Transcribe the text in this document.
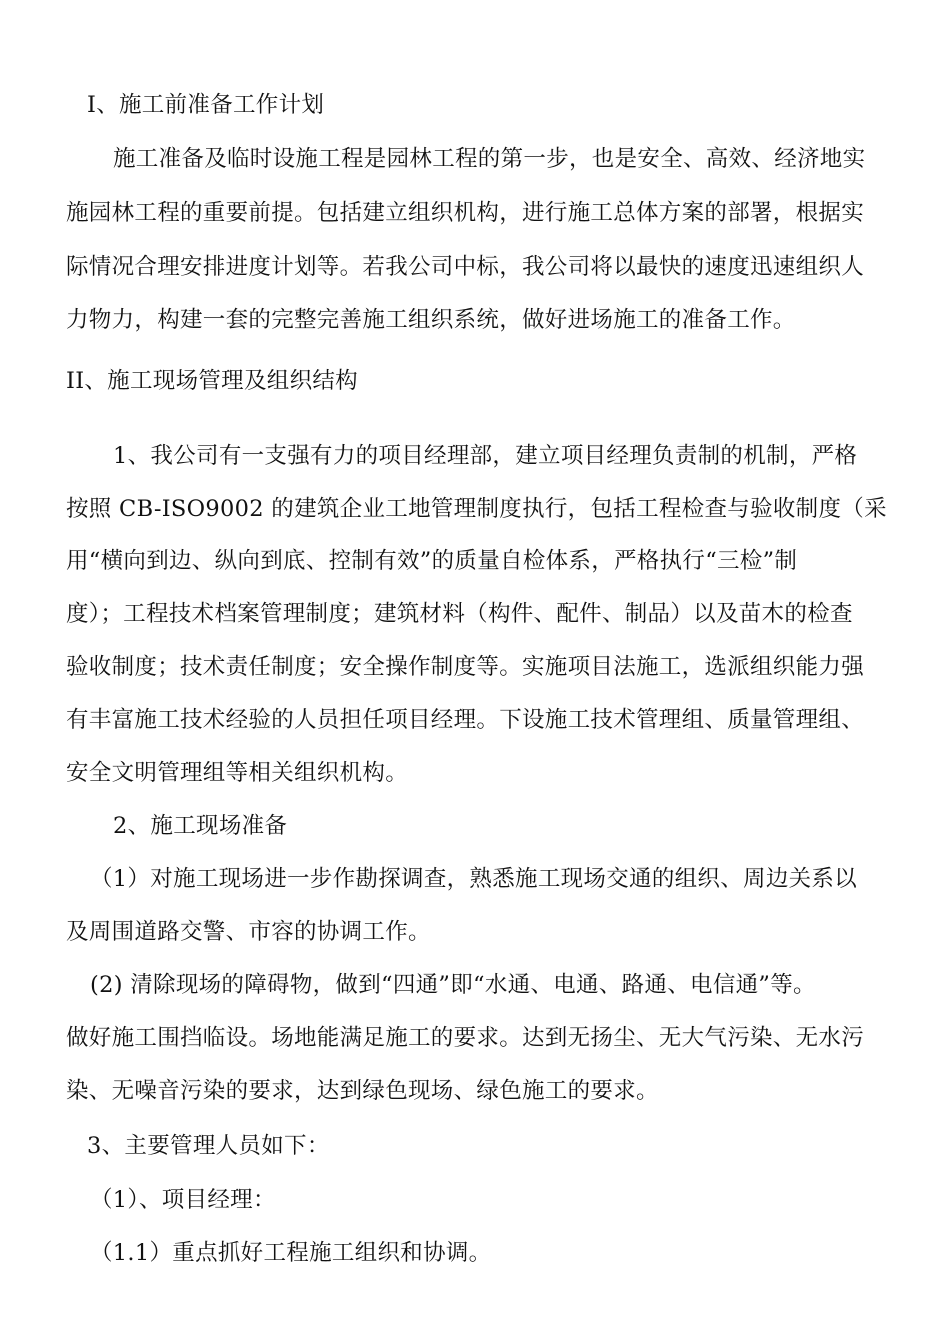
I、施工前准备工作计划
施工准备及临时设施工程是园林工程的第一步，也是安全、高效、经济地实
施园林工程的重要前提。包括建立组织机构，进行施工总体方案的部署，根据实
际情况合理安排进度计划等。若我公司中标，我公司将以最快的速度迅速组织人
力物力，构建一套的完整完善施工组织系统，做好进场施工的准备工作。
II、施工现场管理及组织结构
1、我公司有一支强有力的项目经理部，建立项目经理负责制的机制，严格
按照 CB-ISO9002 的建筑企业工地管理制度执行，包括工程检查与验收制度（采
用“横向到边、纵向到底、控制有效”的质量自检体系，严格执行“三检”制
度）；工程技术档案管理制度；建筑材料（构件、配件、制品）以及苗木的检查
验收制度；技术责任制度；安全操作制度等。实施项目法施工，选派组织能力强
有丰富施工技术经验的人员担任项目经理。下设施工技术管理组、质量管理组、
安全文明管理组等相关组织机构。
2、施工现场准备
（1）对施工现场进一步作勘探调查，熟悉施工现场交通的组织、周边关系以
及周围道路交警、市容的协调工作。
(2) 清除现场的障碍物，做到“四通”即“水通、电通、路通、电信通”等。
做好施工围挡临设。场地能满足施工的要求。达到无扬尘、无大气污染、无水污
染、无噪音污染的要求，达到绿色现场、绿色施工的要求。
3、主要管理人员如下：
（1）、项目经理：
（1.1）重点抓好工程施工组织和协调。
